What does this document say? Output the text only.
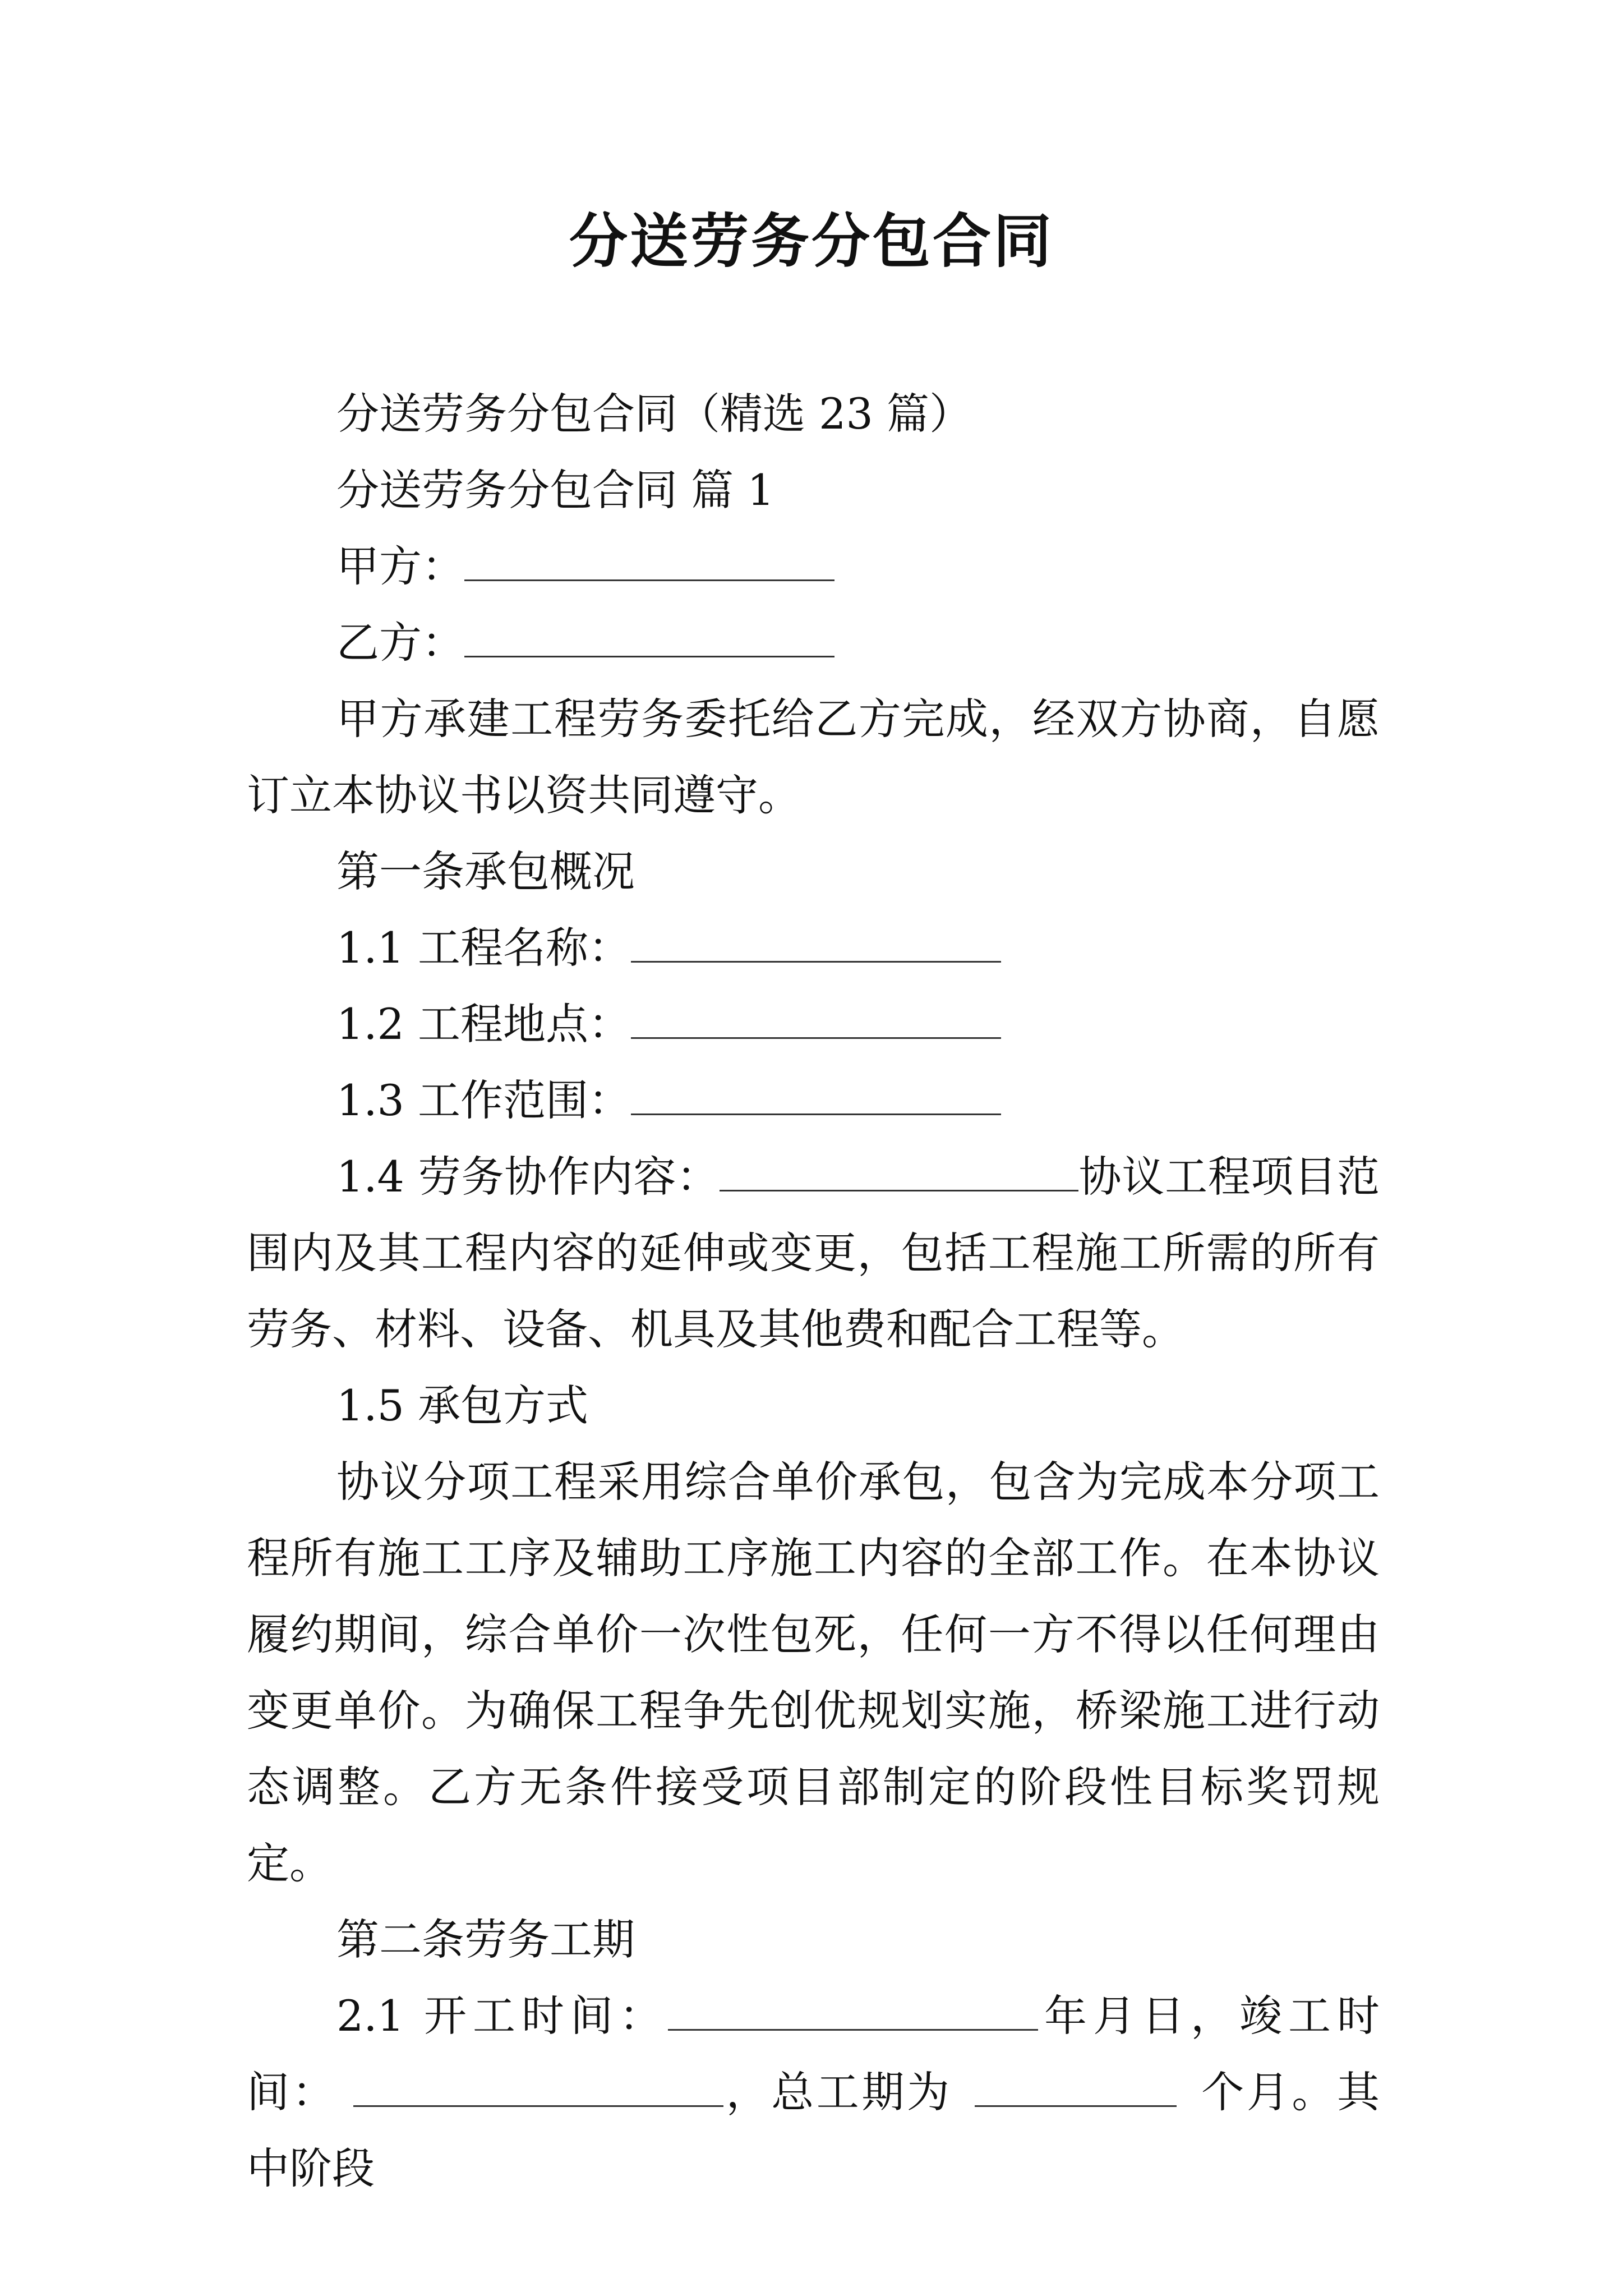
分送劳务分包合同

分送劳务分包合同（精选 23 篇）

分送劳务分包合同 篇 1

甲方：

乙方：

甲方承建工程劳务委托给乙方完成，经双方协商，自愿订立本协议书以资共同遵守。

第一条承包概况

1.1 工程名称：

1.2 工程地点：

1.3 工作范围：

1.4 劳务协作内容：	协议工程项目范围内及其工程内容的延伸或变更，包括工程施工所需的所有劳务、材料、设备、机具及其他费和配合工程等。

1.5 承包方式

协议分项工程采用综合单价承包，包含为完成本分项工程所有施工工序及辅助工序施工内容的全部工作。在本协议履约期间，综合单价一次性包死，任何一方不得以任何理由变更单价。为确保工程争先创优规划实施，桥梁施工进行动态调整。乙方无条件接受项目部制定的阶段性目标奖罚规定。

第二条劳务工期

2.1 开工时间：	年月日，竣工时间：	，总工期为	个月。其中阶段
